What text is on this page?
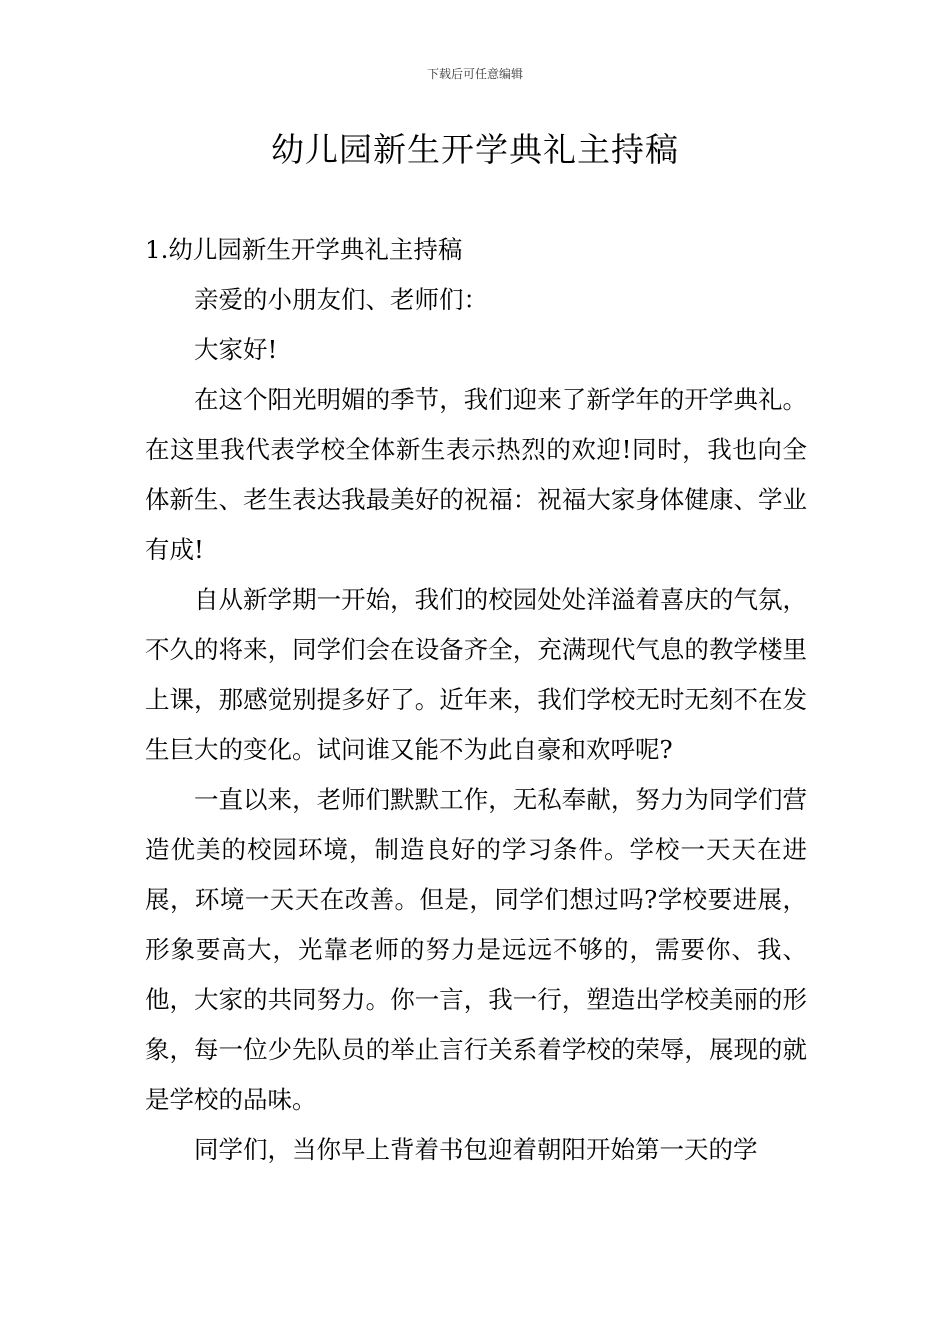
下载后可任意编辑
幼儿园新生开学典礼主持稿

1.幼儿园新生开学典礼主持稿

亲爱的小朋友们、老师们：

大家好!

在这个阳光明媚的季节，我们迎来了新学年的开学典礼。在这里我代表学校全体新生表示热烈的欢迎!同时，我也向全体新生、老生表达我最美好的祝福：祝福大家身体健康、学业有成!

自从新学期一开始，我们的校园处处洋溢着喜庆的气氛，不久的将来，同学们会在设备齐全，充满现代气息的教学楼里上课，那感觉别提多好了。近年来，我们学校无时无刻不在发生巨大的变化。试问谁又能不为此自豪和欢呼呢?

一直以来，老师们默默工作，无私奉献，努力为同学们营造优美的校园环境，制造良好的学习条件。学校一天天在进展，环境一天天在改善。但是，同学们想过吗?学校要进展，形象要高大，光靠老师的努力是远远不够的，需要你、我、他，大家的共同努力。你一言，我一行，塑造出学校美丽的形象，每一位少先队员的举止言行关系着学校的荣辱，展现的就是学校的品味。

同学们，当你早上背着书包迎着朝阳开始第一天的学
